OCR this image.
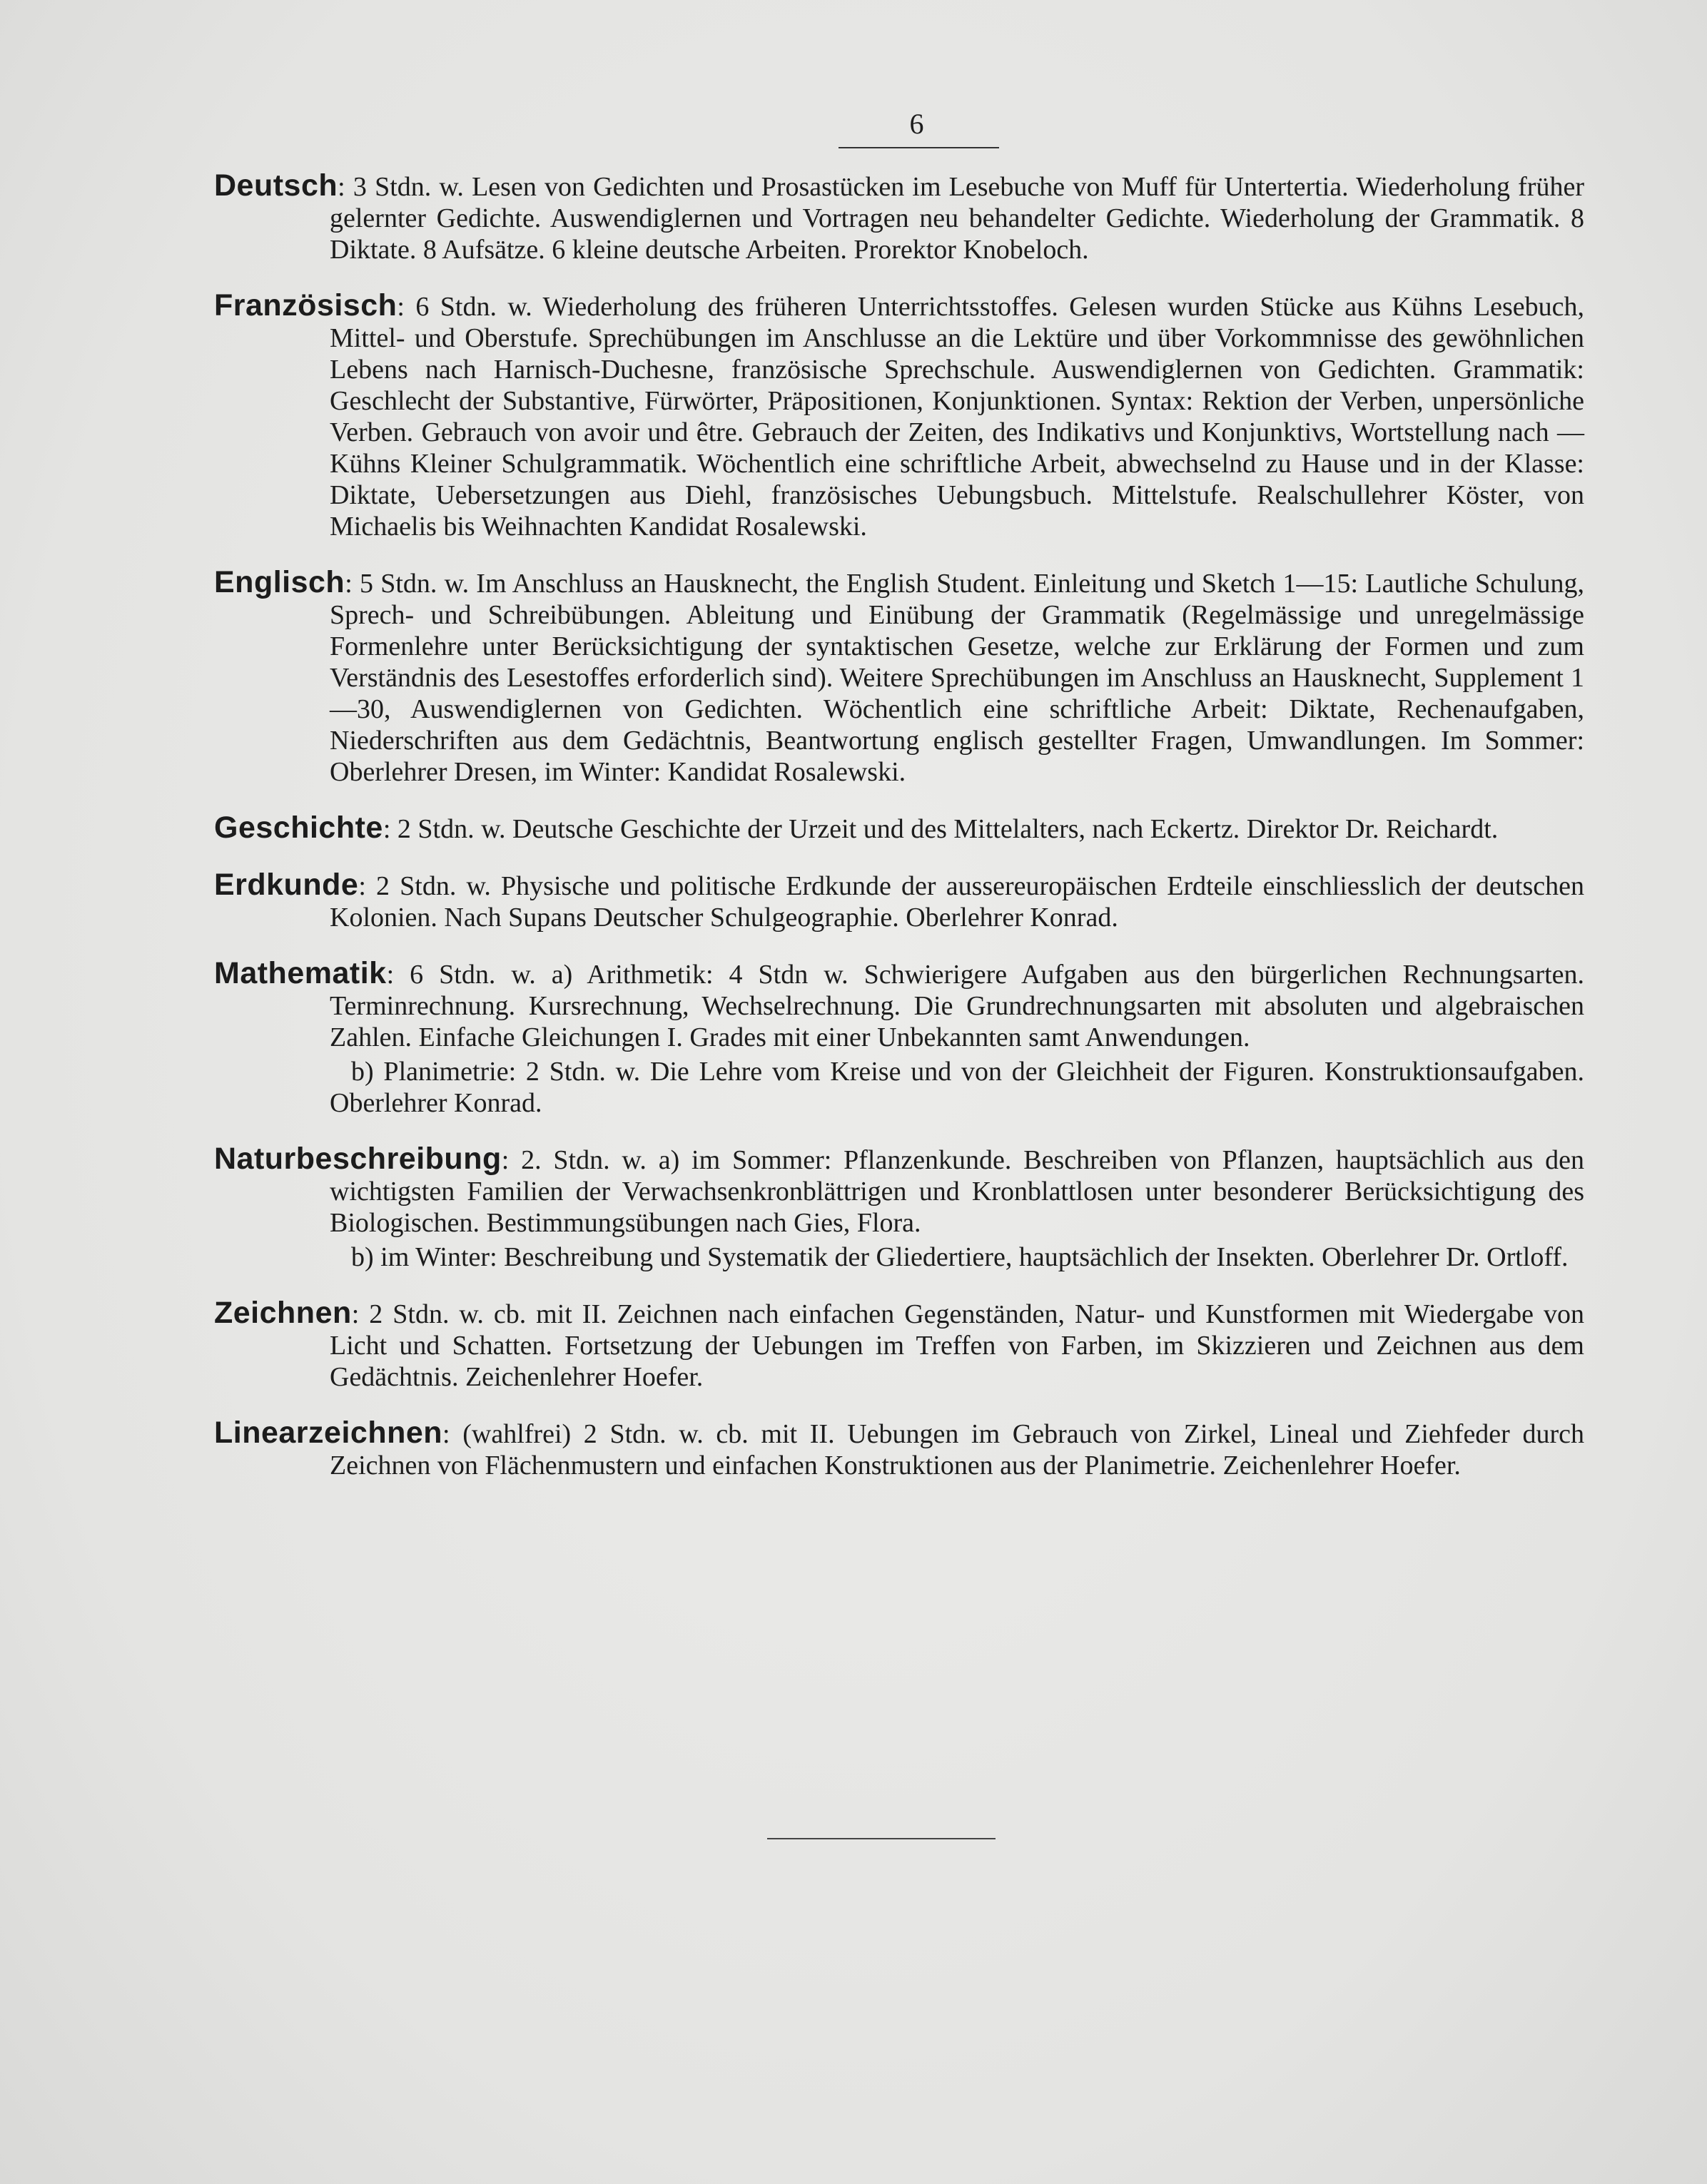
6

Deutsch: 3 Stdn. w. Lesen von Gedichten und Prosastücken im Lesebuche von Muff für Untertertia. Wiederholung früher gelernter Gedichte. Auswendiglernen und Vortragen neu behandelter Gedichte. Wiederholung der Grammatik. 8 Diktate. 8 Aufsätze. 6 kleine deutsche Arbeiten. Prorektor Knobeloch.

Französisch: 6 Stdn. w. Wiederholung des früheren Unterrichtsstoffes. Gelesen wurden Stücke aus Kühns Lesebuch, Mittel- und Oberstufe. Sprechübungen im Anschlusse an die Lektüre und über Vorkommnisse des gewöhnlichen Lebens nach Harnisch-Duchesne, französische Sprechschule. Auswendiglernen von Gedichten. Grammatik: Geschlecht der Substantive, Fürwörter, Präpositionen, Konjunktionen. Syntax: Rektion der Verben, unpersönliche Verben. Gebrauch von avoir und être. Gebrauch der Zeiten, des Indikativs und Konjunktivs, Wortstellung nach — Kühns Kleiner Schulgrammatik. Wöchentlich eine schriftliche Arbeit, abwechselnd zu Hause und in der Klasse: Diktate, Uebersetzungen aus Diehl, französisches Uebungsbuch. Mittelstufe. Realschullehrer Köster, von Michaelis bis Weihnachten Kandidat Rosalewski.

Englisch: 5 Stdn. w. Im Anschluss an Hausknecht, the English Student. Einleitung und Sketch 1—15: Lautliche Schulung, Sprech- und Schreibübungen. Ableitung und Einübung der Grammatik (Regelmässige und unregelmässige Formenlehre unter Berücksichtigung der syntaktischen Gesetze, welche zur Erklärung der Formen und zum Verständnis des Lesestoffes erforderlich sind). Weitere Sprechübungen im Anschluss an Hausknecht, Supplement 1—30, Auswendiglernen von Gedichten. Wöchentlich eine schriftliche Arbeit: Diktate, Rechenaufgaben, Niederschriften aus dem Gedächtnis, Beantwortung englisch gestellter Fragen, Umwandlungen. Im Sommer: Oberlehrer Dresen, im Winter: Kandidat Rosalewski.

Geschichte: 2 Stdn. w. Deutsche Geschichte der Urzeit und des Mittelalters, nach Eckertz. Direktor Dr. Reichardt.

Erdkunde: 2 Stdn. w. Physische und politische Erdkunde der aussereuropäischen Erdteile einschliesslich der deutschen Kolonien. Nach Supans Deutscher Schulgeographie. Oberlehrer Konrad.

Mathematik: 6 Stdn. w. a) Arithmetik: 4 Stdn w. Schwierigere Aufgaben aus den bürgerlichen Rechnungsarten. Terminrechnung. Kursrechnung, Wechselrechnung. Die Grundrechnungsarten mit absoluten und algebraischen Zahlen. Einfache Gleichungen I. Grades mit einer Unbekannten samt Anwendungen.
b) Planimetrie: 2 Stdn. w. Die Lehre vom Kreise und von der Gleichheit der Figuren. Konstruktionsaufgaben. Oberlehrer Konrad.

Naturbeschreibung: 2. Stdn. w. a) im Sommer: Pflanzenkunde. Beschreiben von Pflanzen, hauptsächlich aus den wichtigsten Familien der Verwachsenkronblättrigen und Kronblattlosen unter besonderer Berücksichtigung des Biologischen. Bestimmungsübungen nach Gies, Flora.
b) im Winter: Beschreibung und Systematik der Gliedertiere, hauptsächlich der Insekten. Oberlehrer Dr. Ortloff.

Zeichnen: 2 Stdn. w. cb. mit II. Zeichnen nach einfachen Gegenständen, Natur- und Kunstformen mit Wiedergabe von Licht und Schatten. Fortsetzung der Uebungen im Treffen von Farben, im Skizzieren und Zeichnen aus dem Gedächtnis. Zeichenlehrer Hoefer.

Linearzeichnen: (wahlfrei) 2 Stdn. w. cb. mit II. Uebungen im Gebrauch von Zirkel, Lineal und Ziehfeder durch Zeichnen von Flächenmustern und einfachen Konstruktionen aus der Planimetrie. Zeichenlehrer Hoefer.
